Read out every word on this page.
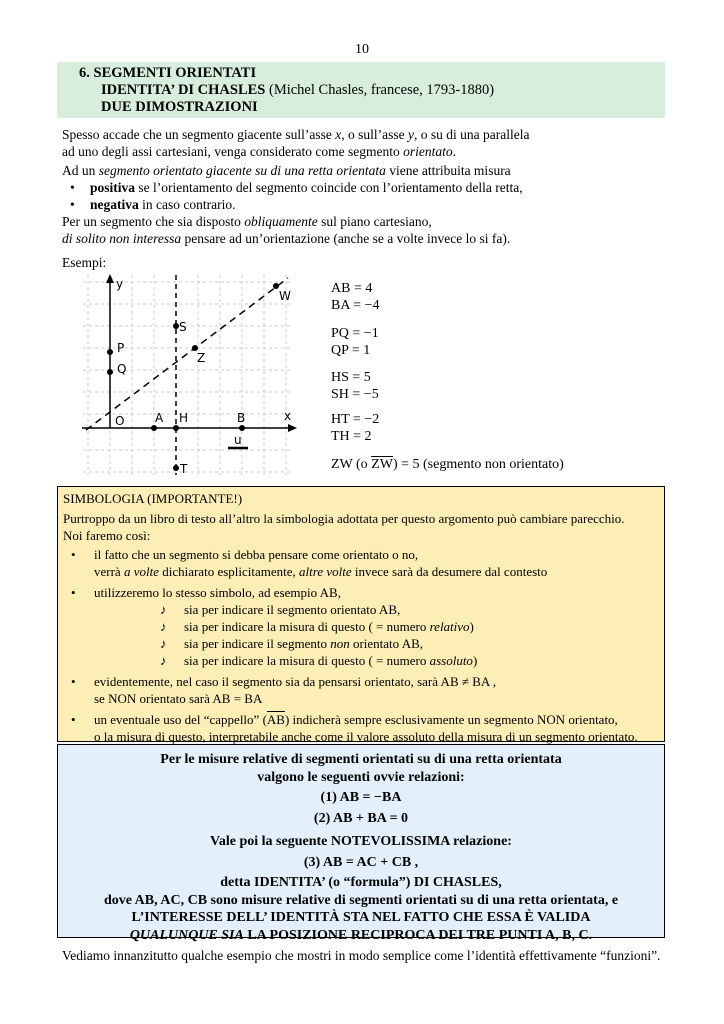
10
6. SEGMENTI ORIENTATI
IDENTITA’ DI CHASLES (Michel Chasles, francese, 1793-1880)
DUE DIMOSTRAZIONI
Spesso accade che un segmento giacente sull’asse x, o sull’asse y, o su di una parallela
ad uno degli assi cartesiani, venga considerato come segmento orientato.
Ad un segmento orientato giacente su di una retta orientata viene attribuita misura
• positiva se l’orientamento del segmento coincide con l’orientamento della retta,
• negativa in caso contrario.
Per un segmento che sia disposto obliquamente sul piano cartesiano,
di solito non interessa pensare ad un’orientazione (anche se a volte invece lo si fa).
Esempi:
y
x
O	A H	B
P
Q
S
Z
W
T
u
AB = 4
BA = −4
PQ = −1
QP = 1
HS = 5
SH = −5
HT = −2
TH = 2
ZW (o $\overline{ZW}) = 5$ (segmento non orientato)
SIMBOLOGIA (IMPORTANTE!)
Purtroppo da un libro di testo all’altro la simbologia adottata per questo argomento può cambiare parecchio.
Noi faremo così:
• il fatto che un segmento si debba pensare come orientato o no,
verrà a volte dichiarato esplicitamente, altre volte invece sarà da desumere dal contesto
• utilizzeremo lo stesso simbolo, ad esempio AB,
♪ sia per indicare il segmento orientato AB,
♪ sia per indicare la misura di questo ( = numero relativo)
♪ sia per indicare il segmento non orientato AB,
♪ sia per indicare la misura di questo ( = numero assoluto)
• evidentemente, nel caso il segmento sia da pensarsi orientato, sarà AB ≠ BA ,
se NON orientato sarà AB = BA
• un eventuale uso del “cappello” $(\overline{AB})$ indicherà sempre esclusivamente un segmento NON orientato,
o la misura di questo, interpretabile anche come il valore assoluto della misura di un segmento orientato.
Per le misure relative di segmenti orientati su di una retta orientata
valgono le seguenti ovvie relazioni:
(1) AB = −BA
(2) AB + BA = 0
Vale poi la seguente NOTEVOLISSIMA relazione:
(3) AB = AC + CB ,
detta IDENTITA’ (o “formula”) DI CHASLES,
dove AB, AC, CB sono misure relative di segmenti orientati su di una retta orientata, e
L’INTERESSE DELL’ IDENTITÀ STA NEL FATTO CHE ESSA È VALIDA
QUALUNQUE SIA LA POSIZIONE RECIPROCA DEI TRE PUNTI A, B, C.
Vediamo innanzitutto qualche esempio che mostri in modo semplice come l’identità effettivamente “funzioni”.
